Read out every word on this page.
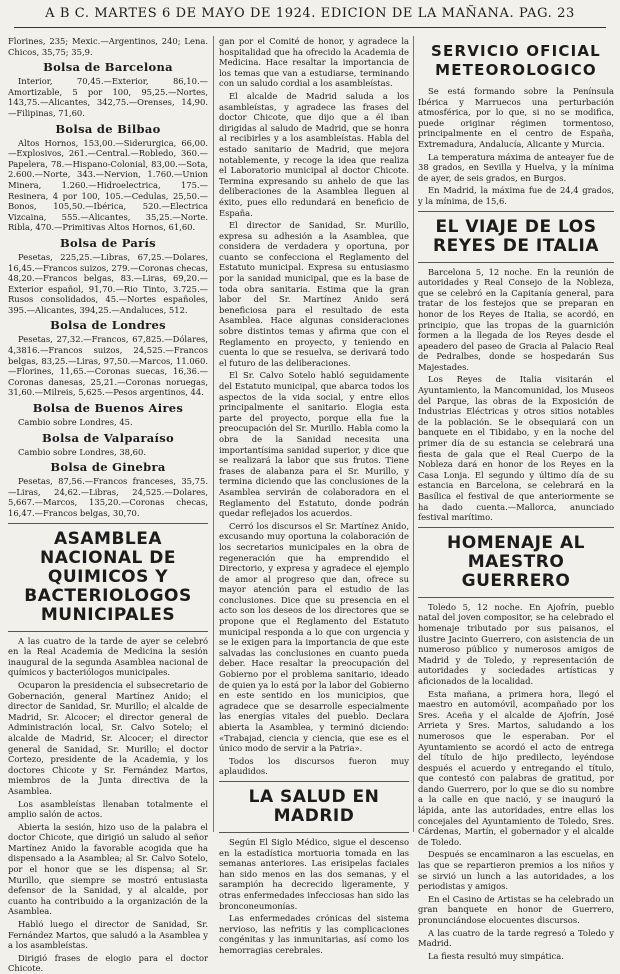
A B C. MARTES 6 DE MAYO DE 1924. EDICION DE LA MAÑANA. PAG. 23

Florines, 235; Mexic.—Argentinos, 240; Lena. Chicos, 35,75; 35,9.

Bolsa de Barcelona

Interior, 70,45.—Exterior, 86,10.—Amortizable, 5 por 100, 95,25.—Nortes, 143,75.—Alicantes, 342,75.—Orenses, 14,90.—Filipinas, 71,60.

Bolsa de Bilbao

Altos Hornos, 153,00.—Siderurgica, 66,00.—Explosivos, 261.—Central.—Robledo, 360.—Papelera, 78.—Hispano-Colonial, 83,00.—Sota, 2.600.—Norte, 343.—Nervion, 1.760.—Union Minera, 1.260.—Hidroelectrica, 175.—Resinera, 4 por 100, 105.—Cedulas, 25,50.—Bonos, 105,50.—Ibérica, 520.—Electrica Vizcaina, 555.—Alicantes, 35,25.—Norte. Ribla, 470.—Primitivas Altos Hornos, 61,60.

Bolsa de París

Pesetas, 225,25.—Libras, 67,25.—Dolares, 16,45.—Francos suizos, 279.—Coronas checas, 48,20.—Francos belgas, 83.—Liras, 69,20.—Exterior español, 91,70.—Rio Tinto, 3.725.—Rusos consolidados, 45.—Nortes españoles, 395.—Alicantes, 394,25.—Andaluces, 512.

Bolsa de Londres

Pesetas, 27,32.—Francos, 67,825.—Dólares, 4,3816.—Francos suizos, 24,525.—Francos belgas, 83,25.—Liras, 97,50.—Marcos, 11.060.—Florines, 11,65.—Coronas suecas, 16,36.—Coronas danesas, 25,21.—Coronas noruegas, 31,60.—Milreis, 5,625.—Pesos argentinos, 44.

Bolsa de Buenos Aires

Cambio sobre Londres, 45.

Bolsa de Valparaíso

Cambio sobre Londres, 38,60.

Bolsa de Ginebra

Pesetas, 87,56.—Francos franceses, 35,75.—Liras, 24,62.—Libras, 24,525.—Dolares, 5,667.—Marcos, 135,20.—Coronas checas, 16,47.—Francos belgas, 30,70.

ASAMBLEA NACIONAL DE QUIMICOS Y BACTERIOLOGOS MUNICIPALES

A las cuatro de la tarde de ayer se celebró en la Real Academia de Medicina la sesión inaugural de la segunda Asamblea nacional de químicos y bacteriólogos municipales.

Ocuparon la presidencia el subsecretario de Gobernación, general Martínez Anido; el director de Sanidad, Sr. Murillo; el alcalde de Madrid, Sr. Alcocer; el director general de Administración local, Sr. Calvo Sotelo; el alcalde de Madrid, Sr. Alcocer; el director general de Sanidad, Sr. Murillo; el doctor Cortezo, presidente de la Academia, y los doctores Chicote y Sr. Fernández Martos, miembros de la Junta directiva de la Asamblea.

Los asambleístas llenaban totalmente el amplio salón de actos.

Abierta la sesión, hizo uso de la palabra el doctor Chicote, que dirigió un saludo al señor Martínez Anido la favorable acogida que ha dispensado a la Asamblea; al Sr. Calvo Sotelo, por el honor que se les dispensa; al Sr. Murillo, que siempre se mostró entusiasta defensor de la Sanidad, y al alcalde, por cuanto ha contribuido a la organización de la Asamblea.

Habló luego el director de Sanidad, Sr. Fernández Martos, que saludó a la Asamblea y a los asambleístas.

Dirigió frases de elogio para el doctor Chicote.

gan por el Comité de honor, y agradece la hospitalidad que ha ofrecido la Academia de Medicina. Hace resaltar la importancia de los temas que van a estudiarse, terminando con un saludo cordial a los asambleístas.

El alcalde de Madrid saluda a los asambleístas, y agradece las frases del doctor Chicote, que dijo que a él iban dirigidas al saludo de Madrid, que se honra al recibirles y a los asambleístas. Habla del estado sanitario de Madrid, que mejora notablemente, y recoge la idea que realiza el Laboratorio municipal al doctor Chicote. Termina expresando su anhelo de que las deliberaciones de la Asamblea lleguen al éxito, pues ello redundará en beneficio de España.

El director de Sanidad, Sr. Murillo, expresa su adhesión a la Asamblea, que considera de verdadera y oportuna, por cuanto se confecciona el Reglamento del Estatuto municipal. Expresa su entusiasmo por la sanidad municipal, que es la base de toda obra sanitaria. Estima que la gran labor del Sr. Martínez Anido será beneficiosa para el resultado de esta Asamblea. Hace algunas consideraciones sobre distintos temas y afirma que con el Reglamento en proyecto, y teniendo en cuenta lo que se resuelva, se derivará todo el futuro de las deliberaciones.

El Sr. Calvo Sotelo habló seguidamente del Estatuto municipal, que abarca todos los aspectos de la vida social, y entre ellos principalmente el sanitario. Elogia esta parte del proyecto, porque ella fue la preocupación del Sr. Murillo. Habla como la obra de la Sanidad necesita una importantísima sanidad superior, y dice que se realizará la labor que sus frutos. Tiene frases de alabanza para el Sr. Murillo, y termina diciendo que las conclusiones de la Asamblea servirán de colaboradora en el Reglamento del Estatuto, donde podrán quedar reflejados los acuerdos.

Cerró los discursos el Sr. Martínez Anido, excusando muy oportuna la colaboración de los secretarios municipales en la obra de regeneración que ha emprendido el Directorio, y expresa y agradece el ejemplo de amor al progreso que dan, ofrece su mayor atención para el estudio de las conclusiones. Dice que su presencia en el acto son los deseos de los directores que se propone que el Reglamento del Estatuto municipal responda a lo que con urgencia y se le exigen para la importancia de que este salvadas las conclusiones en cuanto pueda deber. Hace resaltar la preocupación del Gobierno por el problema sanitario, ideado de quien ya lo está por la labor del Gobierno en este sentido en los municipios, que agradece que se desarrolle especialmente las energías vitales del pueblo. Declara abierta la Asamblea, y terminó diciendo: «Trabajad, ciencia y ciencia, que ese es el único modo de servir a la Patria».

Todos los discursos fueron muy aplaudidos.

LA SALUD EN MADRID

Según El Siglo Médico, sigue el descenso en la estadística mortuoria tomada en las semanas anteriores. Las erisipelas faciales han sido menos en las dos semanas, y el sarampión ha decrecido ligeramente, y otras enfermedades infecciosas han sido las bronconeumonías.

Las enfermedades crónicas del sistema nervioso, las nefritis y las complicaciones congénitas y las inmunitarias, así como los hemorragias cerebrales.

SERVICIO OFICIAL METEOROLOGICO

Se está formando sobre la Península Ibérica y Marruecos una perturbación atmosférica, por lo que, si no se modifica, puede originar régimen tormentoso, principalmente en el centro de España, Extremadura, Andalucía, Alicante y Murcia.

La temperatura máxima de anteayer fue de 38 grados, en Sevilla y Huelva, y la mínima de ayer, de seis grados, en Burgos.

En Madrid, la máxima fue de 24,4 grados, y la mínima, de 15,6.

EL VIAJE DE LOS REYES DE ITALIA

Barcelona 5, 12 noche. En la reunión de autoridades y Real Consejo de la Nobleza, que se celebró en la Capitanía general, para tratar de los festejos que se preparan en honor de los Reyes de Italia, se acordó, en principio, que las tropas de la guarnición formen a la llegada de los Reyes desde el apeadero del paseo de Gracia al Palacio Real de Pedralbes, donde se hospedarán Sus Majestades.

Los Reyes de Italia visitarán el Ayuntamiento, la Mancomunidad, los Museos del Parque, las obras de la Exposición de Industrias Eléctricas y otros sitios notables de la población. Se le obsequiará con un banquete en el Tibidabo, y en la noche del primer día de su estancia se celebrará una fiesta de gala que el Real Cuerpo de la Nobleza dará en honor de los Reyes en la Casa Lonja. El segundo y último día de su estancia en Barcelona, se celebrará en la Basílica el festival de que anteriormente se ha dado cuenta.—Mallorca, anunciado festival marítimo.

HOMENAJE AL MAESTRO GUERRERO

Toledo 5, 12 noche. En Ajofrín, pueblo natal del joven compositor, se ha celebrado el homenaje tributado por sus paisanos, el ilustre Jacinto Guerrero, con asistencia de un numeroso público y numerosos amigos de Madrid y de Toledo, y representación de autoridades y sociedades artísticas y aficionados de la localidad.

Esta mañana, a primera hora, llegó el maestro en automóvil, acompañado por los Sres. Aceña y el alcalde de Ajofrín, José Arrieta y Sres. Martos, saludando a los numerosos que le esperaban. Por el Ayuntamiento se acordó el acto de entrega del título de hijo predilecto, leyéndose después el acuerdo y entregando el título, que contestó con palabras de gratitud, por dando Guerrero, por lo que se dio su nombre a la calle en que nació, y se inauguró la lápida, ante las autoridades, entre ellas los concejales del Ayuntamiento de Toledo, Sres. Cárdenas, Martín, el gobernador y el alcalde de Toledo.

Después se encaminaron a las escuelas, en las que se repartieron premios a los niños y se sirvió un lunch a las autoridades, a los periodistas y amigos.

En el Casino de Artistas se ha celebrado un gran banquete en honor de Guerrero, pronunciándose elocuentes discursos.

A las cuatro de la tarde regresó a Toledo y Madrid.

La fiesta resultó muy simpática.
